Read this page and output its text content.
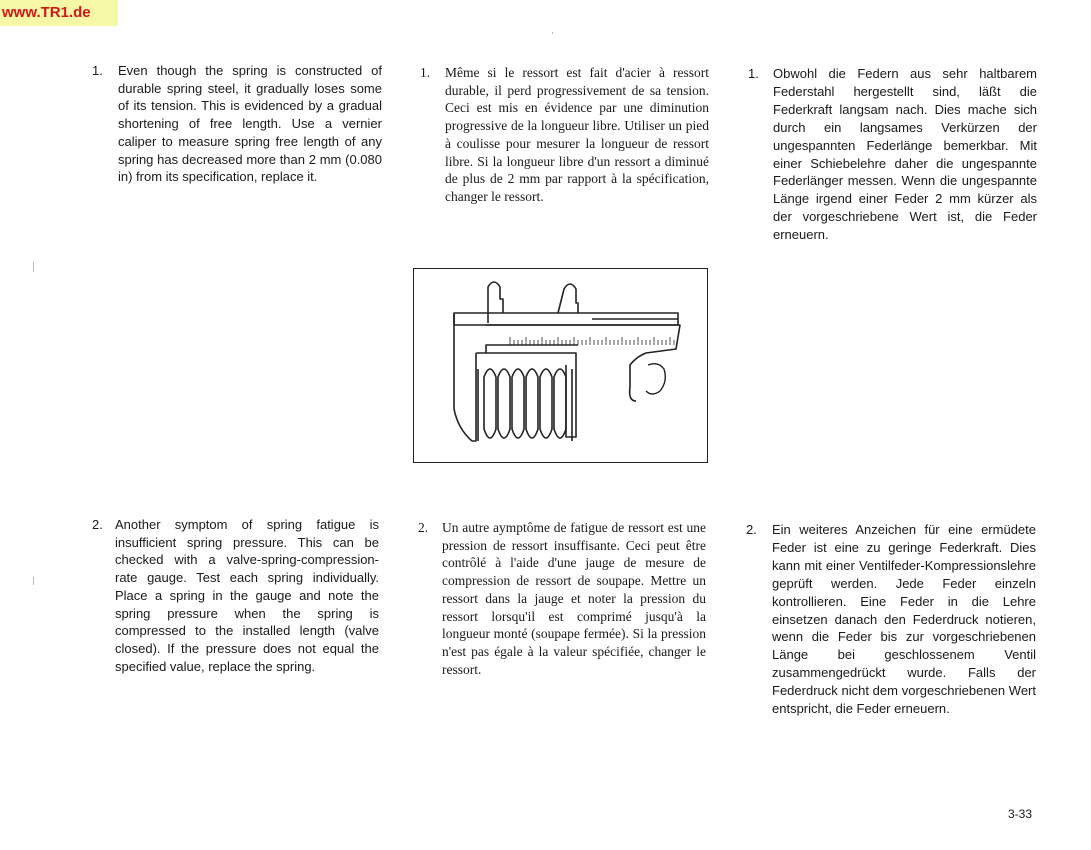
www.TR1.de
1. Even though the spring is constructed of durable spring steel, it gradually loses some of its tension. This is evidenced by a gradual shortening of free length. Use a vernier caliper to measure spring free length of any spring has decreased more than 2 mm (0.080 in) from its specification, replace it.
1. Même si le ressort est fait d'acier à ressort durable, il perd progressivement de sa tension. Ceci est mis en évidence par une diminution progressive de la longueur libre. Utiliser un pied à coulisse pour mesurer la longueur de ressort libre. Si la longueur libre d'un ressort a diminué de plus de 2 mm par rapport à la spécification, changer le ressort.
1. Obwohl die Federn aus sehr haltbarem Federstahl hergestellt sind, läßt die Federkraft langsam nach. Dies mache sich durch ein langsames Verkürzen der ungespannten Federlänge bemerkbar. Mit einer Schiebelehre daher die ungespannte Federlänger messen. Wenn die ungespannte Länge irgend einer Feder 2 mm kürzer als der vorgeschriebene Wert ist, die Feder erneuern.
2. Another symptom of spring fatigue is insufficient spring pressure. This can be checked with a valve-spring-compression-rate gauge. Test each spring individually. Place a spring in the gauge and note the spring pressure when the spring is compressed to the installed length (valve closed). If the pressure does not equal the specified value, replace the spring.
2. Un autre aymptôme de fatigue de ressort est une pression de ressort insuffisante. Ceci peut être contrôlé à l'aide d'une jauge de mesure de compression de ressort de soupape. Mettre un ressort dans la jauge et noter la pression du ressort lorsqu'il est comprimé jusqu'à la longueur monté (soupape fermée). Si la pression n'est pas égale à la valeur spécifiée, changer le ressort.
2. Ein weiteres Anzeichen für eine ermüdete Feder ist eine zu geringe Federkraft. Dies kann mit einer Ventilfeder-Kompressionslehre geprüft werden. Jede Feder einzeln kontrollieren. Eine Feder in die Lehre einsetzen danach den Federdruck notieren, wenn die Feder bis zur vorgeschriebenen Länge bei geschlossenem Ventil zusammengedrückt wurde. Falls der Federdruck nicht dem vorgeschriebenen Wert entspricht, die Feder erneuern.
3-33
